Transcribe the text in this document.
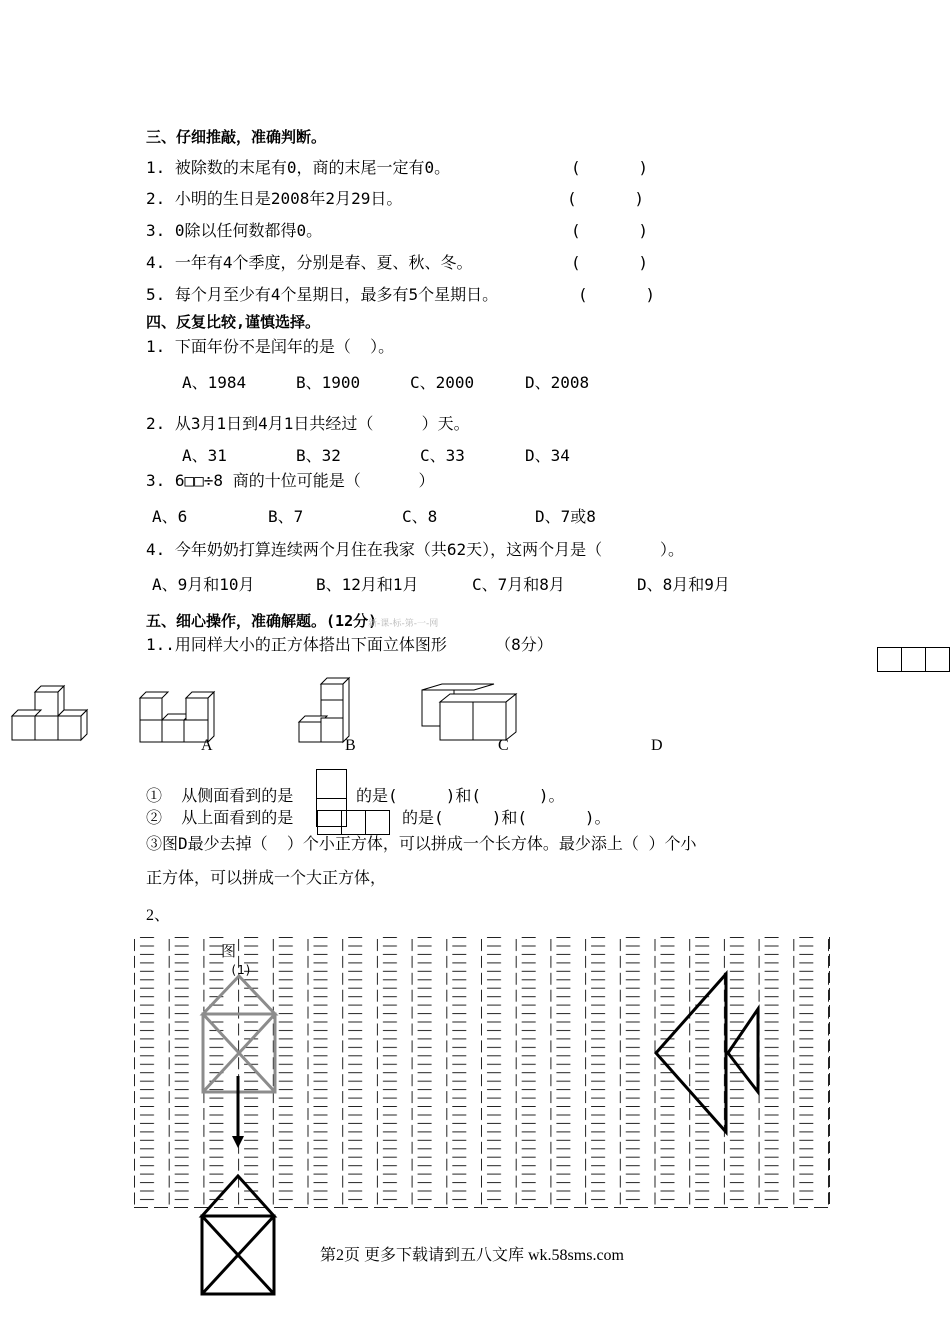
三、仔细推敲，准确判断。
1. 被除数的末尾有0，商的末尾一定有0。	(      )
2. 小明的生日是2008年2月29日。	(      )
3. 0除以任何数都得0。	(      )
4. 一年有4个季度，分别是春、夏、秋、冬。	(      )
5. 每个月至少有4个星期日，最多有5个星期日。	(      )
四、反复比较,谨慎选择。
1. 下面年份不是闰年的是（  ）。
A、1984	B、1900	C、2000	D、2008
2. 从3月1日到4月1日共经过（     ）天。
A、31	B、32	C、33	D、34
3. 6□□÷8 商的十位可能是（      ）
A、6	B、7	C、8	D、7或8
4. 今年奶奶打算连续两个月住在我家（共62天），这两个月是（      ）。
A、9月和10月	B、12月和1月	C、7月和8月	D、8月和9月
五、细心操作，准确解题。(12分)
新-课-标-第-一-网
1..用同样大小的正方体搭出下面立体图形     （8分）
A	B	C	D
①  从侧面看到的是	的是(     )和(      )。
②  从上面看到的是	的是(     )和(      )。
③图D最少去掉（  ）个小正方体，可以拼成一个长方体。最少添上（ ）个小
正方体，可以拼成一个大正方体，
2、
图
(1)
第2页 更多下载请到五八文库 wk.58sms.com
